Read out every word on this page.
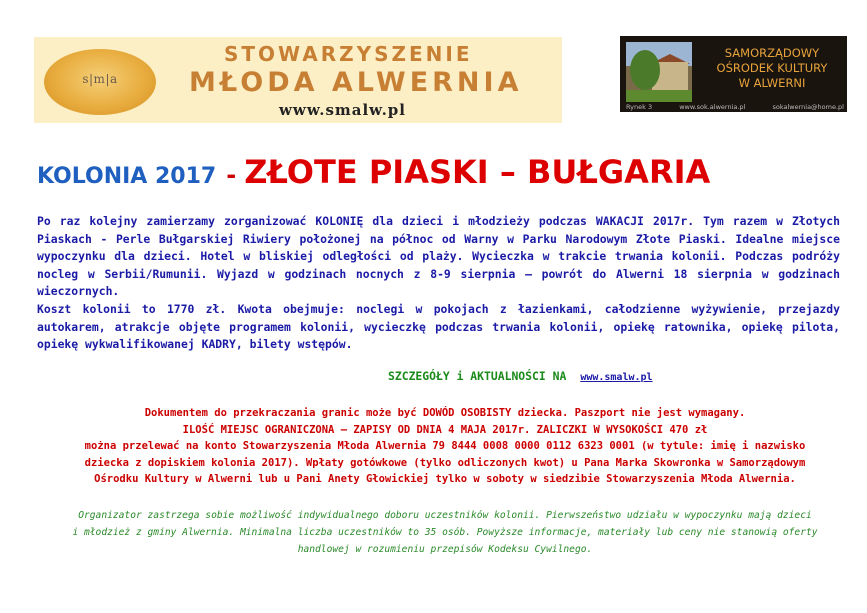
s|m|a
STOWARZYSZENIE
MŁODA ALWERNIA
www.smalw.pl
SAMORZĄDOWY
OŚRODEK KULTURY
W ALWERNI
Rynek 3	www.sok.alwernia.pl	sokalwernia@home.pl
KOLONIA 2017 - ZŁOTE PIASKI – BUŁGARIA

Po raz kolejny zamierzamy zorganizować KOLONIĘ dla dzieci i młodzieży podczas WAKACJI 2017r. Tym razem w Złotych Piaskach - Perle Bułgarskiej Riwiery położonej na północ od Warny w Parku Narodowym Złote Piaski. Idealne miejsce wypoczynku dla dzieci. Hotel w bliskiej odległości od plaży. Wycieczka w trakcie trwania kolonii. Podczas podróży nocleg w Serbii/Rumunii. Wyjazd w godzinach nocnych z 8-9 sierpnia – powrót do Alwerni 18 sierpnia w godzinach wieczornych.

Koszt kolonii to 1770 zł. Kwota obejmuje: noclegi w pokojach z łazienkami, całodzienne wyżywienie, przejazdy autokarem, atrakcje objęte programem kolonii, wycieczkę podczas trwania kolonii, opiekę ratownika, opiekę pilota, opiekę wykwalifikowanej KADRY, bilety wstępów.

SZCZEGÓŁY i AKTUALNOŚCI NA www.smalw.pl
Dokumentem do przekraczania granic może być DOWÓD OSOBISTY dziecka. Paszport nie jest wymagany.
ILOŚĆ MIEJSC OGRANICZONA – ZAPISY OD DNIA 4 MAJA 2017r. ZALICZKI W WYSOKOŚCI 470 zł
można przelewać na konto Stowarzyszenia Młoda Alwernia 79 8444 0008 0000 0112 6323 0001 (w tytule: imię i nazwisko
dziecka z dopiskiem kolonia 2017). Wpłaty gotówkowe (tylko odliczonych kwot) u Pana Marka Skowronka w Samorządowym
Ośrodku Kultury w Alwerni lub u Pani Anety Głowickiej tylko w soboty w siedzibie Stowarzyszenia Młoda Alwernia.
Organizator zastrzega sobie możliwość indywidualnego doboru uczestników kolonii. Pierwszeństwo udziału w wypoczynku mają dzieci
i młodzież z gminy Alwernia. Minimalna liczba uczestników to 35 osób. Powyższe informacje, materiały lub ceny nie stanowią oferty
handlowej w rozumieniu przepisów Kodeksu Cywilnego.
